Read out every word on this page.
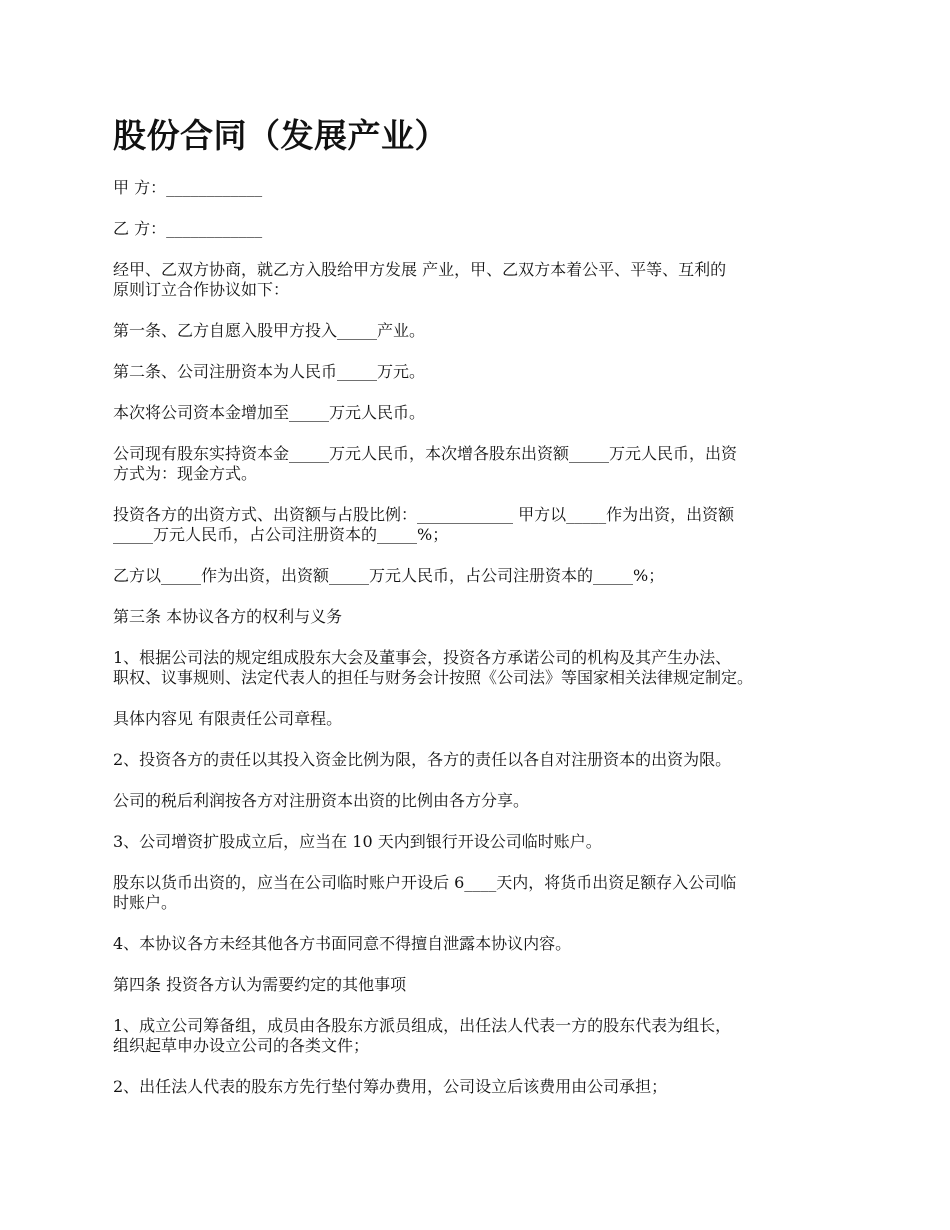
股份合同（发展产业）

甲 方：____________

乙 方：____________

经甲、乙双方协商，就乙方入股给甲方发展 产业，甲、乙双方本着公平、平等、互利的
原则订立合作协议如下：

第一条、乙方自愿入股甲方投入_____产业。

第二条、公司注册资本为人民币_____万元。

本次将公司资本金增加至_____万元人民币。

公司现有股东实持资本金_____万元人民币，本次增各股东出资额_____万元人民币，出资
方式为：现金方式。

投资各方的出资方式、出资额与占股比例：____________ 甲方以_____作为出资，出资额
_____万元人民币，占公司注册资本的_____%；

乙方以_____作为出资，出资额_____万元人民币，占公司注册资本的_____%；

第三条 本协议各方的权利与义务

1、根据公司法的规定组成股东大会及董事会，投资各方承诺公司的机构及其产生办法、
职权、议事规则、法定代表人的担任与财务会计按照《公司法》等国家相关法律规定制定。

具体内容见 有限责任公司章程。

2、投资各方的责任以其投入资金比例为限，各方的责任以各自对注册资本的出资为限。

公司的税后利润按各方对注册资本出资的比例由各方分享。

3、公司增资扩股成立后，应当在 10 天内到银行开设公司临时账户。

股东以货币出资的，应当在公司临时账户开设后 6____天内，将货币出资足额存入公司临
时账户。

4、本协议各方未经其他各方书面同意不得擅自泄露本协议内容。

第四条 投资各方认为需要约定的其他事项

1、成立公司筹备组，成员由各股东方派员组成，出任法人代表一方的股东代表为组长，
组织起草申办设立公司的各类文件；

2、出任法人代表的股东方先行垫付筹办费用，公司设立后该费用由公司承担；
